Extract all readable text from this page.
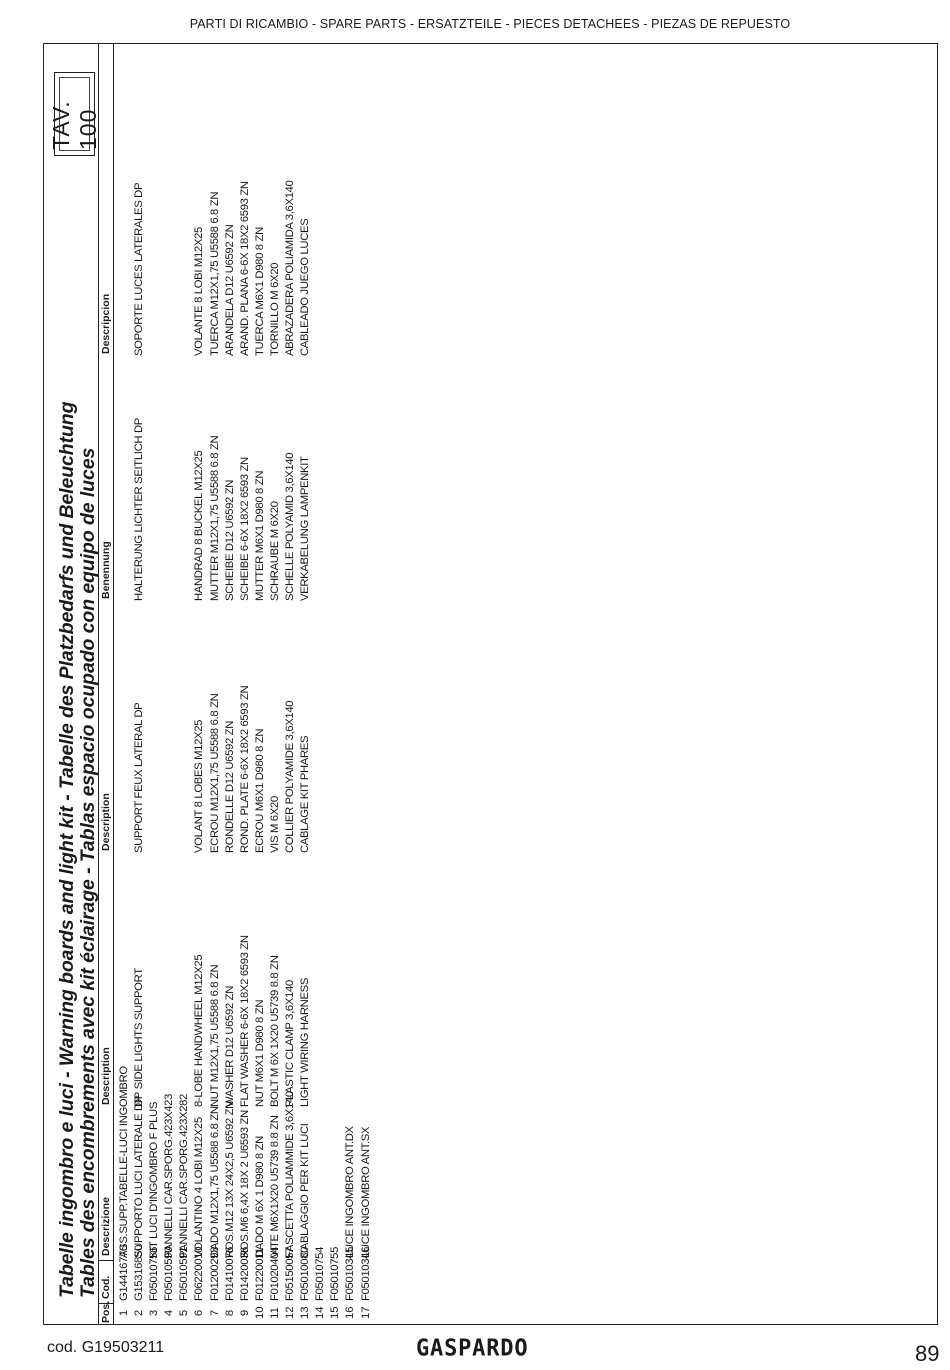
PARTI DI RICAMBIO - SPARE PARTS - ERSATZTEILE - PIECES DETACHEES - PIEZAS DE REPUESTO
Tabelle ingombro e luci - Warning boards and light kit - Tabelle des Platzbedarfs und Beleuchtung Tables des encombrements avec kit éclairage - Tablas espacio ocupado con equipo de luces
TAV. 100
Pos.
Cod.
Descrizione
Description
Description
Benennung
Descripcion
1
G14416770
ASS.SUPP.TABELLE-LUCI INGOMBRO
2
G15316850
SUPPORTO LUCI LATERALE DP
DP SIDE LIGHTS SUPPORT
SUPPORT FEUX LATERAL DP
HALTERUNG LICHTER SEITLICH DP
SOPORTE LUCES LATERALES DP
3
F05010756
KIT LUCI D'INGOMBRO F PLUS
4
F05010590
PANNELLI CAR.SPORG.423X423
5
F05010591
PANNELLI CAR.SPORG.423X282
6
F06220010
VOLANTINO 4 LOBI M12X25
8-LOBE HANDWHEEL M12X25
VOLANT 8 LOBES M12X25
HANDRAD 8 BUCKEL M12X25
VOLANTE 8 LOBI M12X25
7
F01200293
DADO M12X1,75 U5588 6.8 ZN
NUT M12X1,75 U5588 6.8 ZN
ECROU M12X1,75 U5588 6.8 ZN
MUTTER M12X1,75 U5588 6.8 ZN
TUERCA M12X1,75 U5588 6.8 ZN
8
F01410076
ROS.M12 13X 24X2,5 U6592 ZN
WASHER D12 U6592 ZN
RONDELLE D12 U6592 ZN
SCHEIBE D12 U6592 ZN
ARANDELA D12 U6592 ZN
9
F01420036
ROS.M6 6,4X 18X 2 U6593 ZN
FLAT WASHER 6-6X 18X2 6593 ZN
ROND. PLATE 6-6X 18X2 6593 ZN
SCHEIBE 6-6X 18X2 6593 ZN
ARAND. PLANA 6-6X 18X2 6593 ZN
10
F01220011
DADO M 6X 1 D980 8 ZN
NUT M6X1 D980 8 ZN
ECROU M6X1 D980 8 ZN
MUTTER M6X1 D980 8 ZN
TUERCA M6X1 D980 8 ZN
11
F01020404
VITE M6X1X20 U5739 8.8 ZN
BOLT M 6X 1X20 U5739 8.8 ZN
VIS M 6X20
SCHRAUBE M 6X20
TORNILLO M 6X20
12
F05150057
FASCETTA POLIAMMIDE 3,6X140
PLASTIC CLAMP 3,6X140
COLLIER POLYAMIDE 3,6X140
SCHELLE POLYAMID 3,6X140
ABRAZADERA POLIAMIDA 3,6X140
13
F05010080
CABLAGGIO PER KIT LUCI
LIGHT WIRING HARNESS
CABLAGE KIT PHARES
VERKABELUNG LAMPENKIT
CABLEADO JUEGO LUCES
14
F05010754
15
F05010755
16
F05010345
LUCE INGOMBRO ANT.DX
17
F05010346
LUCE INGOMBRO ANT.SX
cod. G19503211	GASPARDO	89
